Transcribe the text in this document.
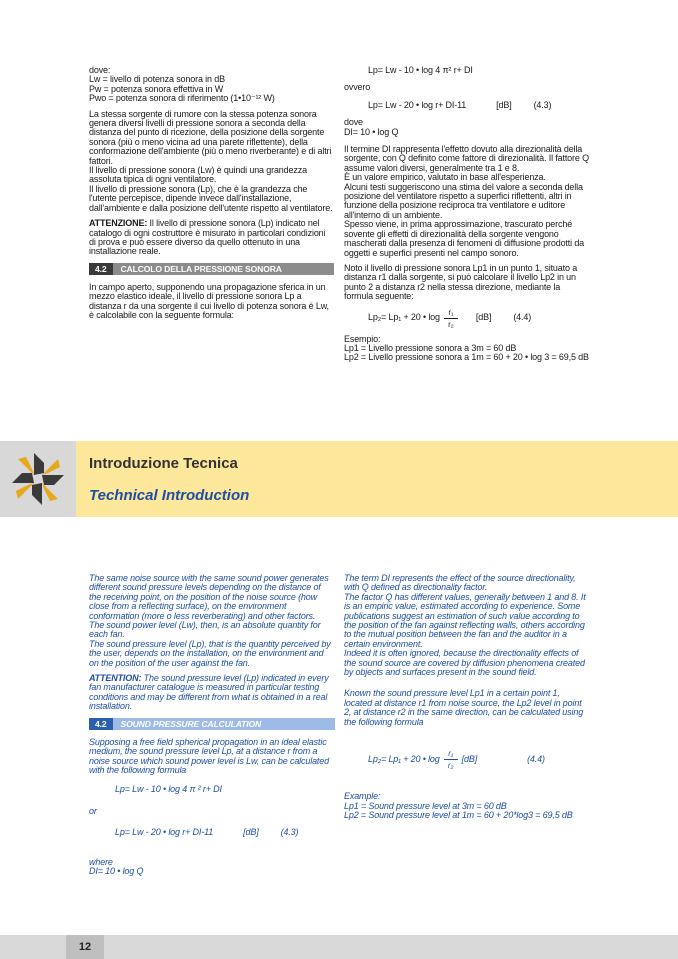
dove:
Lw = livello di potenza sonora in dB
Pw = potenza sonora effettiva in W
Pwo = potenza sonora di riferimento (1•10⁻¹² W)

La stessa sorgente di rumore con la stessa potenza sonora genera diversi livelli di pressione sonora a seconda della distanza del punto di ricezione, della posizione della sorgente sonora (più o meno vicina ad una parete riflettente), della conformazione dell'ambiente (più o meno riverberante) e di altri fattori.

Il livello di pressione sonora (Lw) è quindi una grandezza assoluta tipica di ogni ventilatore.

Il livello di pressione sonora (Lp), che è la grandezza che l'utente percepisce, dipende invece dall'installazione, dall'ambiente e dalla posizione dell'utente rispetto al ventilatore.

ATTENZIONE: Il livello di pressione sonora (Lp) indicato nel catalogo di ogni costruttore è misurato in particolari condizioni di prova e può essere diverso da quello ottenuto in una installazione reale.

4.2	CALCOLO DELLA PRESSIONE SONORA

In campo aperto, supponendo una propagazione sferica in un mezzo elastico ideale, il livello di pressione sonora Lp a distanza r da una sorgente il cui livello di potenza sonora è Lw, è calcolabile con la seguente formula:

Lp= Lw - 10 • log 4 π² r+ DI
ovvero
Lp= Lw - 20 • log r+ DI-11	[dB] (4.3)
dove
DI= 10 • log Q

Il termine DI rappresenta l'effetto dovuto alla direzionalità della sorgente, con Q definito come fattore di direzionalità. Il fattore Q assume valori diversi, generalmente tra 1 e 8.

È un valore empirico, valutato in base all'esperienza.

Alcuni testi suggeriscono una stima del valore a seconda della posizione del ventilatore rispetto a superfici riflettenti, altri in funzione della posizione reciproca tra ventilatore e uditore all'interno di un ambiente.

Spesso viene, in prima approssimazione, trascurato perché sovente gli effetti di direzionalità della sorgente vengono mascherati dalla presenza di fenomeni di diffusione prodotti da oggetti e superfici presenti nel campo sonoro.

Noto il livello di pressione sonora Lp1 in un punto 1, situato a distanza r1 dalla sorgente, si può calcolare il livello Lp2 in un punto 2 a distanza r2 nella stessa direzione, mediante la formula seguente:

Lp₂= Lp₁ + 20 • $\log \frac{\text{r₁}}{\text{r₂}} [dB]$ (4.4)
Esempio:
Lp1 = Livello pressione sonora a 3m = 60 dB
Lp2 = Livello pressione sonora a 1m = 60 + 20 • log 3 = 69,5 dB
Introduzione Tecnica
Technical Introduction

The same noise source with the same sound power generates different sound pressure levels depending on the distance of the receiving point, on the position of the noise source (how close from a reflecting surface), on the environment conformation (more o less reverberating) and other factors.

The sound power level (Lw), then, is an absolute quantity for each fan.

The sound pressure level (Lp), that is the quantity perceived by the user, depends on the installation, on the environment and on the position of the user against the fan.

ATTENTION: The sound pressure level (Lp) indicated in every fan manufacturer catalogue is measured in particular testing conditions and may be different from what is obtained in a real installation.

4.2	SOUND PRESSURE CALCULATION

Supposing a free field spherical propagation in an ideal elastic medium, the sound pressure level Lp, at a distance r from a noise source which sound power level is Lw, can be calculated with the following formula

Lp= Lw - 10 • log 4 π ² r+ DI
or
Lp= Lw - 20 • log r+ DI-11	[dB] (4.3)
where
DI= 10 • log Q

The term DI represents the effect of the source directionality, with Q defined as directionality factor.

The factor Q has different values, generally between 1 and 8. It is an empiric value, estimated according to experience. Some publications suggest an estimation of such value according to the position of the fan against reflecting walls, others according to the mutual position between the fan and the auditor in a certain environment.

Indeed it is often ignored, because the directionality effects of the sound source are covered by diffusion phenomena created by objects and surfaces present in the sound field.

Known the sound pressure level Lp1 in a certain point 1, located at distance r1 from noise source, the Lp2 level in point 2, at distance r2 in the same direction, can be calculated using the following formula

Lp₂= Lp₁ + 20 • $\log \frac{\text{r₁}}{\text{r₂}} [dB]$	(4.4)
Example:
Lp1 = Sound pressure level at 3m = 60 dB
Lp2 = Sound pressure level at 1m = 60 + 20*log3 = 69,5 dB
12
